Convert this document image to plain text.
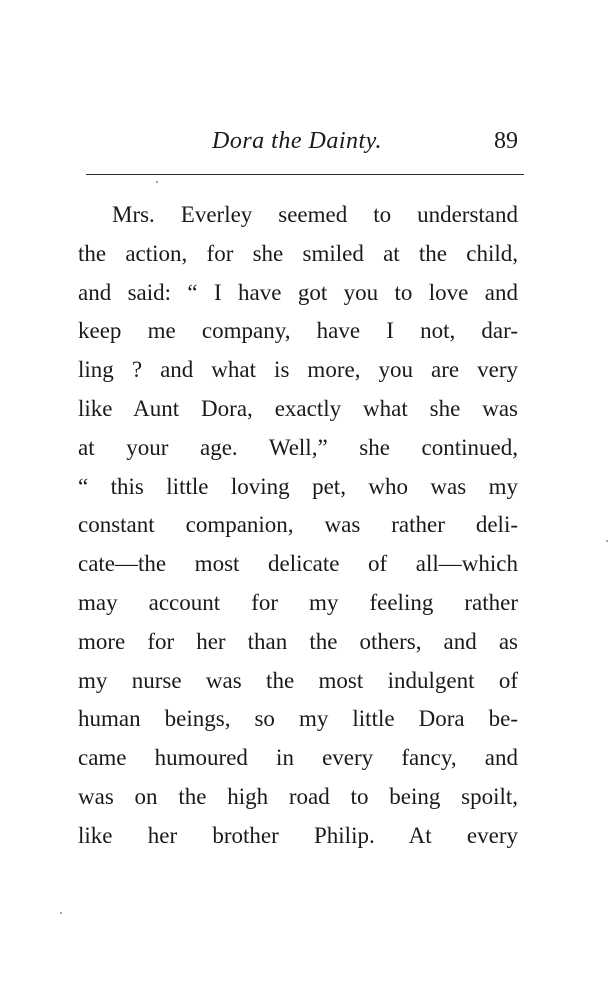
Dora the Dainty.	89
Mrs. Everley seemed to understand
the action, for she smiled at the child,
and said: “ I have got you to love and
keep me company, have I not, dar-
ling ? and what is more, you are very
like Aunt Dora, exactly what she was
at your age. Well,” she continued,
“ this little loving pet, who was my
constant companion, was rather deli-
cate—the most delicate of all—which
may account for my feeling rather
more for her than the others, and as
my nurse was the most indulgent of
human beings, so my little Dora be-
came humoured in every fancy, and
was on the high road to being spoilt,
like her brother Philip. At every
